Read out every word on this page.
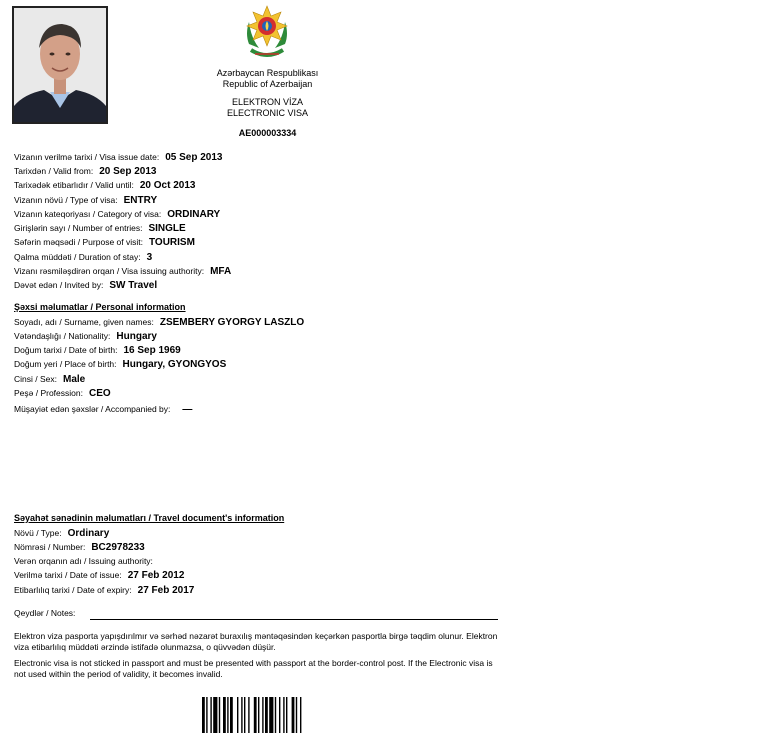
Azərbaycan Respublikası
Republic of Azerbaijan
ELEKTRON VİZA
ELECTRONIC VISA
AE000003334
Vizanın verilmə tarixi / Visa issue date: 05 Sep 2013
Tarixdən / Valid from: 20 Sep 2013
Tarixədək etibarlıdır / Valid until: 20 Oct 2013
Vizanın növü / Type of visa: ENTRY
Vizanın kateqoriyası / Category of visa: ORDINARY
Girişlərin sayı / Number of entries: SINGLE
Səfərin məqsədi / Purpose of visit: TOURISM
Qalma müddəti / Duration of stay: 3
Vizanı rəsmiləşdirən orqan / Visa issuing authority: MFA
Dəvət edən / Invited by: SW Travel
Şəxsi məlumatlar / Personal information
Soyadı, adı / Surname, given names: ZSEMBERY GYORGY LASZLO
Vətəndaşlığı / Nationality: Hungary
Doğum tarixi / Date of birth: 16 Sep 1969
Doğum yeri / Place of birth: Hungary, GYONGYOS
Cinsi / Sex: Male
Peşə / Profession: CEO
Müşayiət edən şəxslər / Accompanied by: —
Səyahət sənədinin məlumatları / Travel document's information
Növü / Type: Ordinary
Nömrəsi / Number: BC2978233
Verən orqanın adı / Issuing authority:
Verilmə tarixi / Date of issue: 27 Feb 2012
Etibarlılıq tarixi / Date of expiry: 27 Feb 2017
Qeydlər / Notes:
Elektron viza pasporta yapışdırılmır və sərhəd nəzarət buraxılış məntəqəsindən keçərkən pasportla birgə təqdim olunur. Elektron viza etibarlılıq müddəti ərzində istifadə olunmazsa, o qüvvədən düşür.
Electronic visa is not sticked in passport and must be presented with passport at the border-control post. If the Electronic visa is not used within the period of validity, it becomes invalid.
